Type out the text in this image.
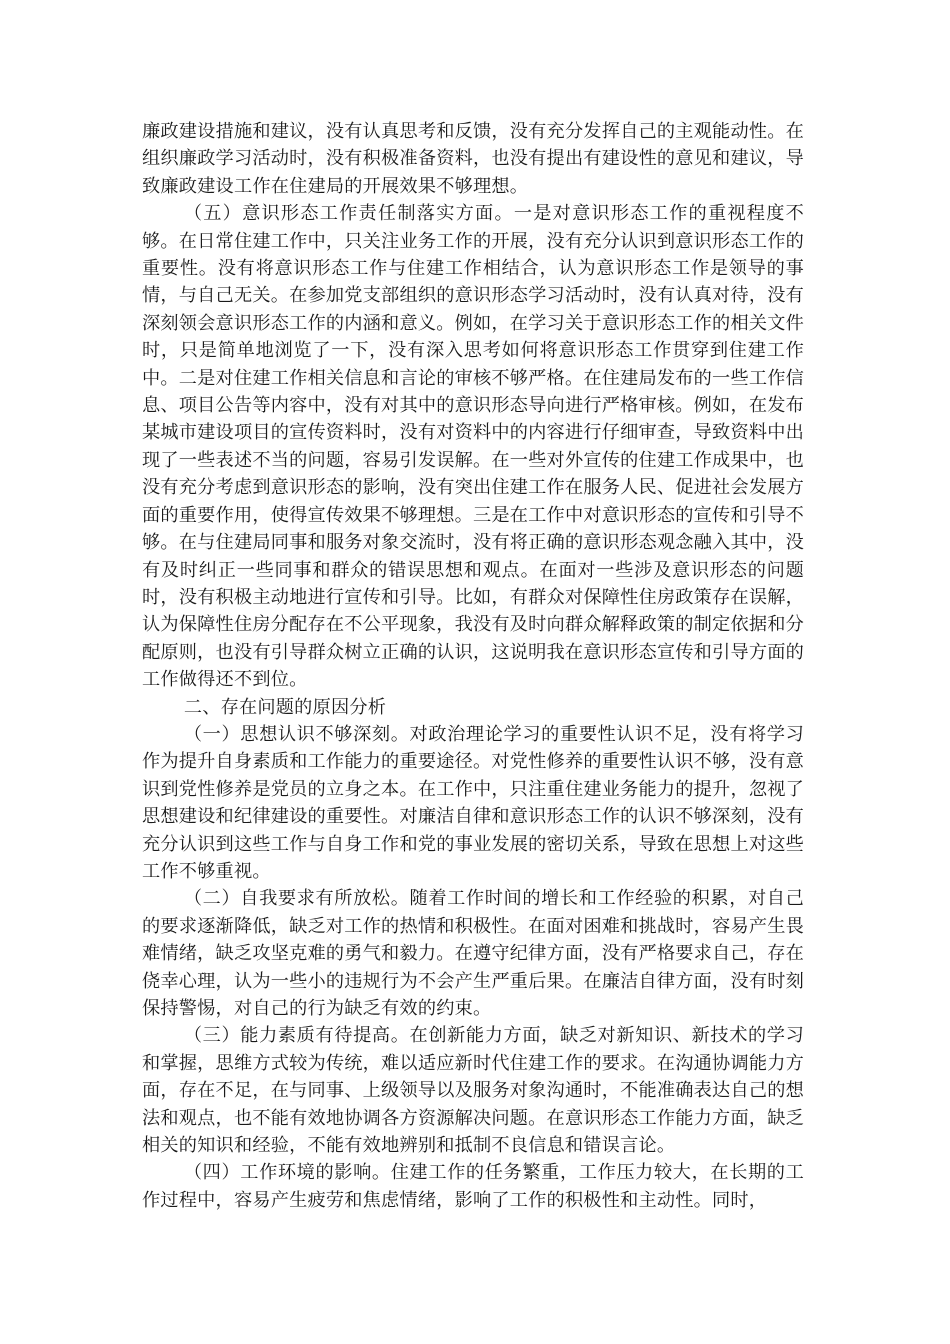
廉政建设措施和建议，没有认真思考和反馈，没有充分发挥自己的主观能动性。在组织廉政学习活动时，没有积极准备资料，也没有提出有建设性的意见和建议，导致廉政建设工作在住建局的开展效果不够理想。

（五）意识形态工作责任制落实方面。一是对意识形态工作的重视程度不够。在日常住建工作中，只关注业务工作的开展，没有充分认识到意识形态工作的重要性。没有将意识形态工作与住建工作相结合，认为意识形态工作是领导的事情，与自己无关。在参加党支部组织的意识形态学习活动时，没有认真对待，没有深刻领会意识形态工作的内涵和意义。例如，在学习关于意识形态工作的相关文件时，只是简单地浏览了一下，没有深入思考如何将意识形态工作贯穿到住建工作中。二是对住建工作相关信息和言论的审核不够严格。在住建局发布的一些工作信息、项目公告等内容中，没有对其中的意识形态导向进行严格审核。例如，在发布某城市建设项目的宣传资料时，没有对资料中的内容进行仔细审查，导致资料中出现了一些表述不当的问题，容易引发误解。在一些对外宣传的住建工作成果中，也没有充分考虑到意识形态的影响，没有突出住建工作在服务人民、促进社会发展方面的重要作用，使得宣传效果不够理想。三是在工作中对意识形态的宣传和引导不够。在与住建局同事和服务对象交流时，没有将正确的意识形态观念融入其中，没有及时纠正一些同事和群众的错误思想和观点。在面对一些涉及意识形态的问题时，没有积极主动地进行宣传和引导。比如，有群众对保障性住房政策存在误解，认为保障性住房分配存在不公平现象，我没有及时向群众解释政策的制定依据和分配原则，也没有引导群众树立正确的认识，这说明我在意识形态宣传和引导方面的工作做得还不到位。

二、存在问题的原因分析

（一）思想认识不够深刻。对政治理论学习的重要性认识不足，没有将学习作为提升自身素质和工作能力的重要途径。对党性修养的重要性认识不够，没有意识到党性修养是党员的立身之本。在工作中，只注重住建业务能力的提升，忽视了思想建设和纪律建设的重要性。对廉洁自律和意识形态工作的认识不够深刻，没有充分认识到这些工作与自身工作和党的事业发展的密切关系，导致在思想上对这些工作不够重视。

（二）自我要求有所放松。随着工作时间的增长和工作经验的积累，对自己的要求逐渐降低，缺乏对工作的热情和积极性。在面对困难和挑战时，容易产生畏难情绪，缺乏攻坚克难的勇气和毅力。在遵守纪律方面，没有严格要求自己，存在侥幸心理，认为一些小的违规行为不会产生严重后果。在廉洁自律方面，没有时刻保持警惕，对自己的行为缺乏有效的约束。

（三）能力素质有待提高。在创新能力方面，缺乏对新知识、新技术的学习和掌握，思维方式较为传统，难以适应新时代住建工作的要求。在沟通协调能力方面，存在不足，在与同事、上级领导以及服务对象沟通时，不能准确表达自己的想法和观点，也不能有效地协调各方资源解决问题。在意识形态工作能力方面，缺乏相关的知识和经验，不能有效地辨别和抵制不良信息和错误言论。

（四）工作环境的影响。住建工作的任务繁重，工作压力较大，在长期的工作过程中，容易产生疲劳和焦虑情绪，影响了工作的积极性和主动性。同时，
